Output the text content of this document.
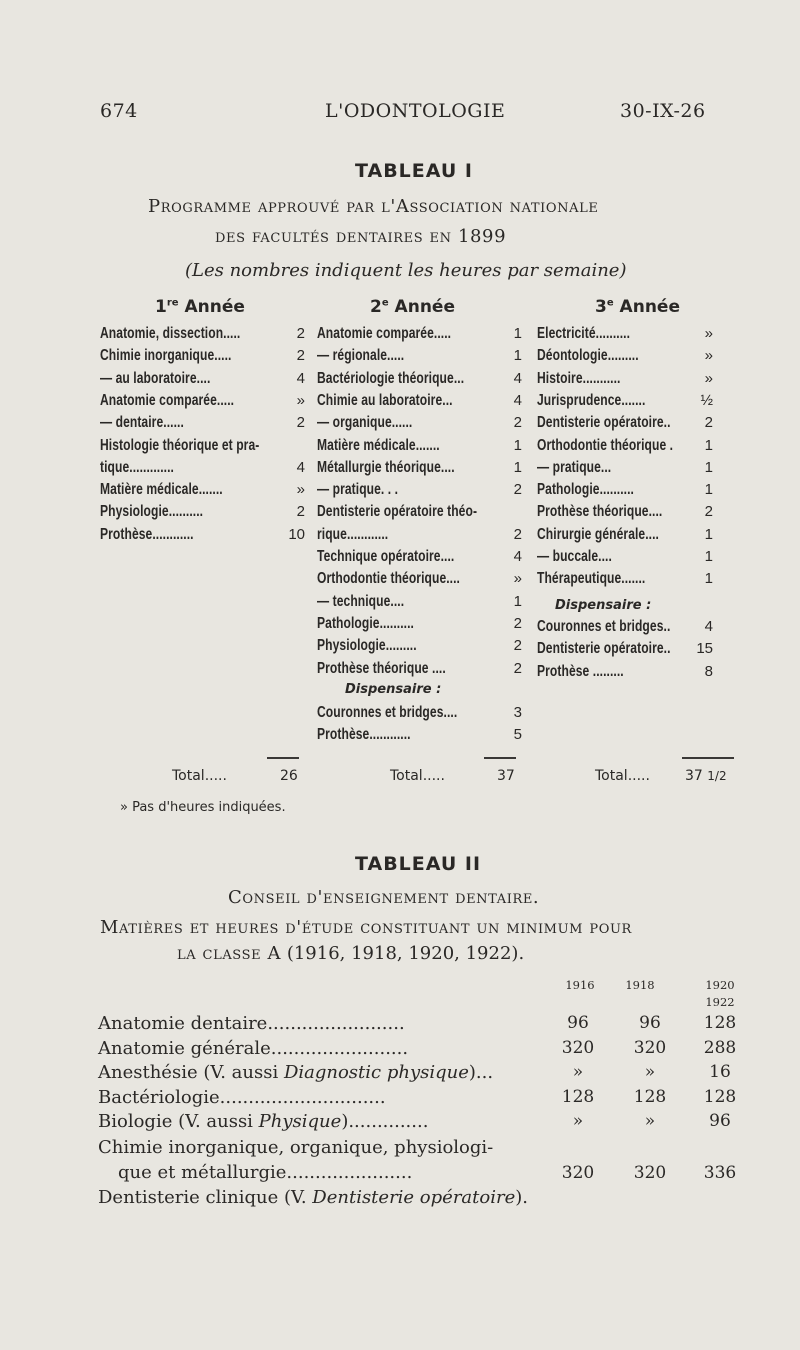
674	L'ODONTOLOGIE	30-IX-26
TABLEAU I
Programme approuvé par l'Association nationale
des facultés dentaires en 1899
(Les nombres indiquent les heures par semaine)
1re Année	2e Année	3e Année
Anatomie, dissection.....	2
Chimie inorganique.....	2
— au laboratoire....	4
Anatomie comparée.....	»
— dentaire......	2
Histologie théorique et pra-
tique.............	4
Matière médicale.......	»
Physiologie..........	2
Prothèse............	10
Anatomie comparée.....	1
— régionale.....	1
Bactériologie théorique...	4
Chimie au laboratoire...	4
— organique......	2
Matière médicale.......	1
Métallurgie théorique....	1
— pratique. . .	2
Dentisterie opératoire théo-
rique............	2
Technique opératoire....	4
Orthodontie théorique....	»
— technique....	1
Pathologie..........	2
Physiologie.........	2
Prothèse théorique ....	2
Couronnes et bridges....	3
Prothèse............	5
Electricité..........	»
Déontologie.........	»
Histoire...........	»
Jurisprudence.......	½
Dentisterie opératoire..	2
Orthodontie théorique .	1
— pratique...	1
Pathologie..........	1
Prothèse théorique....	2
Chirurgie générale....	1
— buccale....	1
Thérapeutique.......	1
Couronnes et bridges..	4
Dentisterie opératoire..	15
Prothèse .........	8
Dispensaire :
Dispensaire :
Total.....	26	Total.....	37	Total.....	37 1/2
» Pas d'heures indiquées.
TABLEAU II
Conseil d'enseignement dentaire.
Matières et heures d'étude constituant un minimum pour
la classe A (1916, 1918, 1920, 1922).
1916	1918	1920
1922
Anatomie dentaire........................	96	96	128
Anatomie générale........................	320	320	288
Anesthésie (V. aussi Diagnostic physique)...	»	»	16
Bactériologie.............................	128	128	128
Biologie (V. aussi Physique)..............	»	»	96
Chimie inorganique, organique, physiologi-
que et métallurgie......................	320	320	336
Dentisterie clinique (V. Dentisterie opératoire).
